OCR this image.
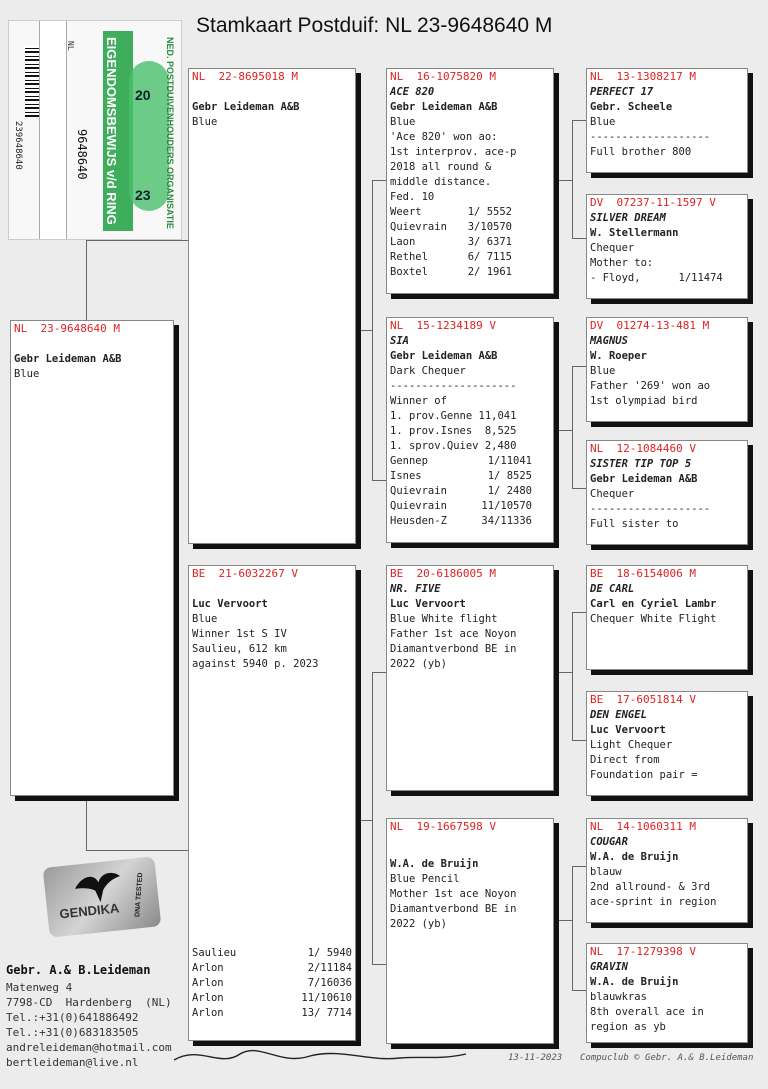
Stamkaart Postduif: NL 23-9648640 M
239648640
NL
9648640 EIGENDOMSBEWIJS v/d RING	NED. POSTDUIVENHOUDERS ORGANISATIE
20
23
NL  23-9648640 M
Gebr Leideman A&B
Blue
NL  22-8695018 M
Gebr Leideman A&B
Blue
BE  21-6032267 V
Luc Vervoort
Blue
Winner 1st S IV
Saulieu, 612 km
against 5940 p. 2023
Saulieu	1/ 5940
Arlon	2/11184
Arlon	7/16036
Arlon	11/10610
Arlon	13/ 7714
NL  16-1075820 M
ACE 820
Gebr Leideman A&B
Blue
'Ace 820' won ao:
1st interprov. ace-p
2018 all round &
middle distance.
Fed. 10
Weert	1/ 5552
Quievrain 3/10570
Laon	3/ 6371
Rethel	6/ 7115
Boxtel	2/ 1961
NL  15-1234189 V
SIA
Gebr Leideman A&B
Dark Chequer
--------------------
Winner of
1. prov.Genne 11,041
1. prov.Isnes  8,525
1. sprov.Quiev 2,480
Gennep	1/11041
Isnes	1/ 8525
Quievrain	1/ 2480
Quievrain	11/10570
Heusden-Z	34/11336
BE  20-6186005 M
NR. FIVE
Luc Vervoort
Blue White flight
Father 1st ace Noyon
Diamantverbond BE in
2022 (yb)
NL  19-1667598 V
W.A. de Bruijn
Blue Pencil
Mother 1st ace Noyon
Diamantverbond BE in
2022 (yb)
NL  13-1308217 M
PERFECT 17
Gebr. Scheele
Blue
-------------------
Full brother 800
DV  07237-11-1597 V
SILVER DREAM
W. Stellermann
Chequer
Mother to:
- Floyd,      1/11474
DV  01274-13-481 M
MAGNUS
W. Roeper
Blue
Father '269' won ao
1st olympiad bird
NL  12-1084460 V
SISTER TIP TOP 5
Gebr Leideman A&B
Chequer
-------------------
Full sister to
BE  18-6154006 M
DE CARL
Carl en Cyriel Lambr
Chequer White Flight
BE  17-6051814 V
DEN ENGEL
Luc Vervoort
Light Chequer
Direct from
Foundation pair =
NL  14-1060311 M
COUGAR
W.A. de Bruijn
blauw
2nd allround- & 3rd
ace-sprint in region
NL  17-1279398 V
GRAVIN
W.A. de Bruijn
blauwkras
8th overall ace in
region as yb
GENDIKA DNA TESTED
Gebr. A.& B.Leideman
Matenweg 4
7798-CD  Hardenberg  (NL)
Tel.:+31(0)641886492
Tel.:+31(0)683183505
andreleideman@hotmail.com
bertleideman@live.nl	13-11-2023 Compuclub © Gebr. A.& B.Leideman
